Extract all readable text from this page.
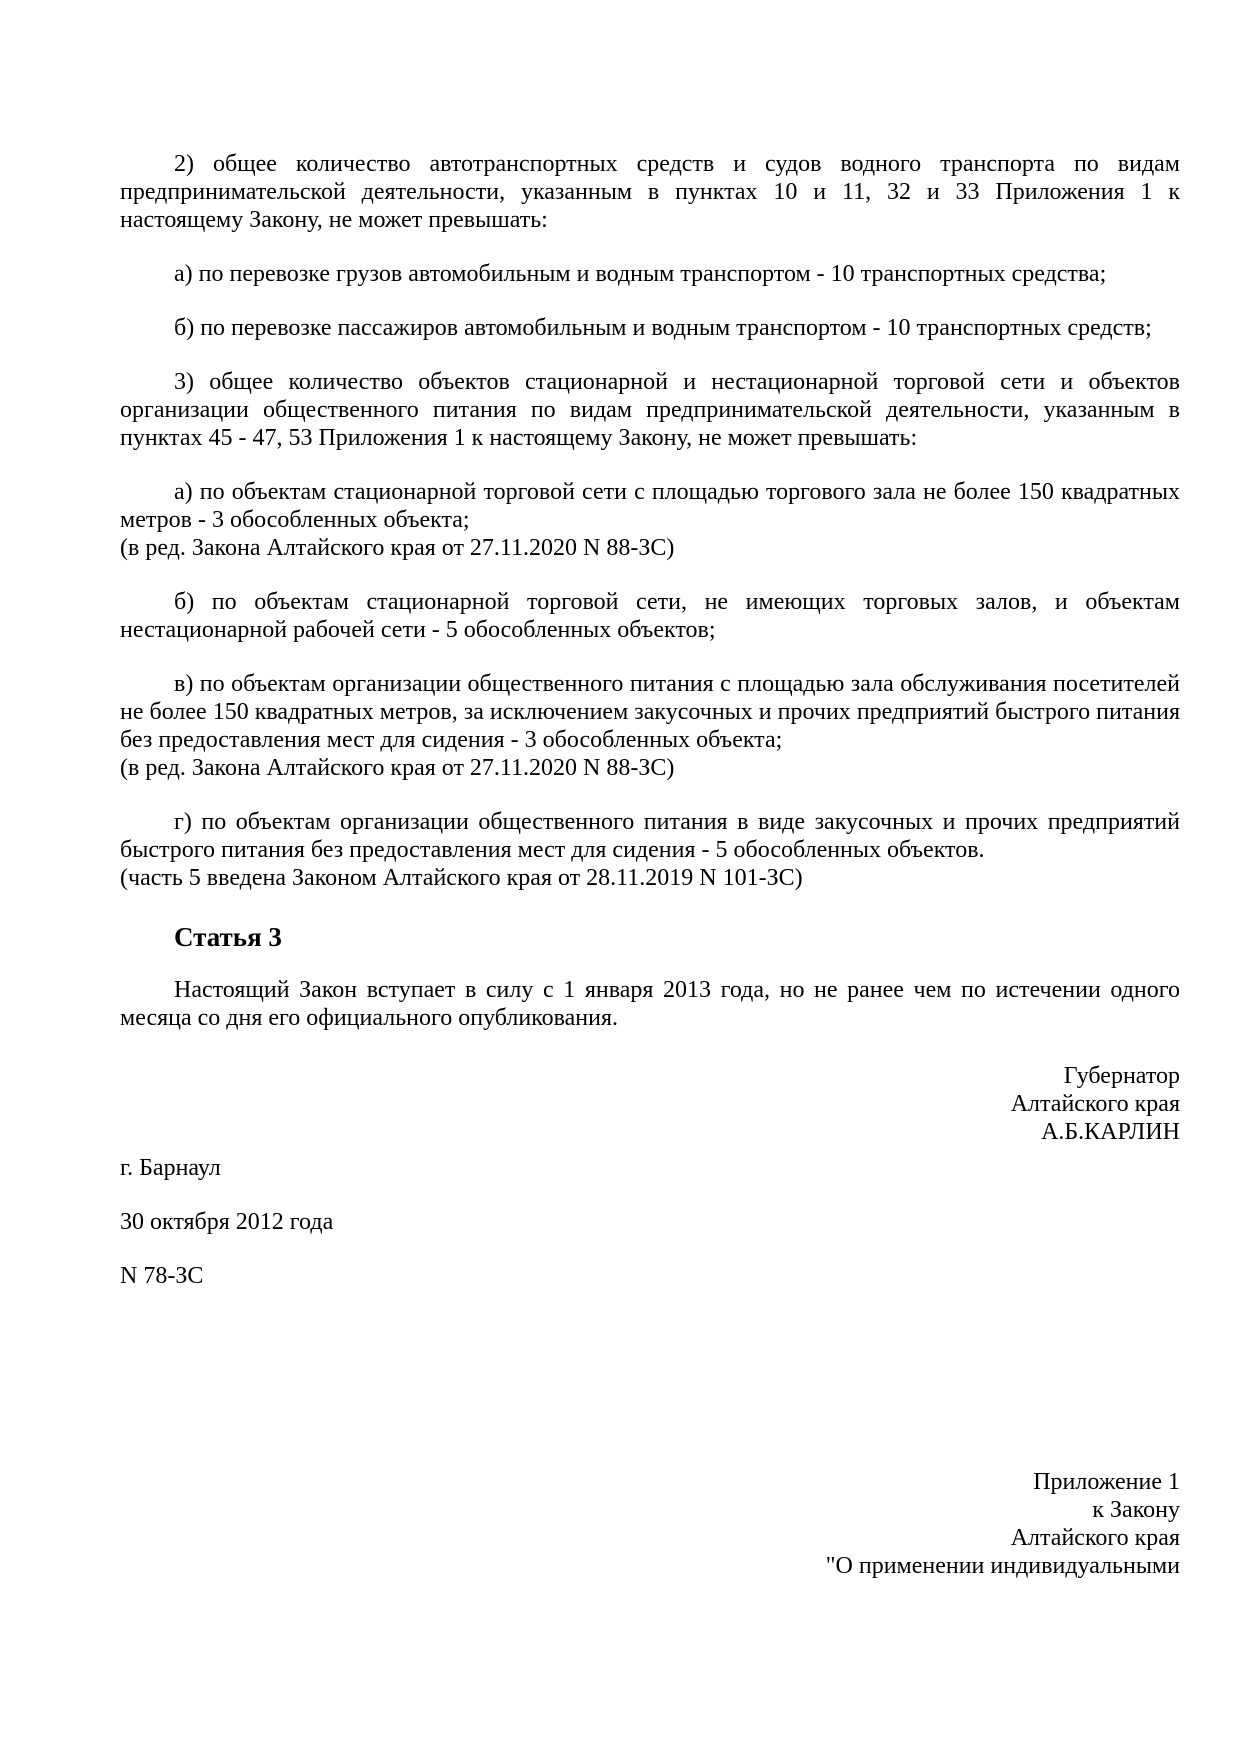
2) общее количество автотранспортных средств и судов водного транспорта по видам предпринимательской деятельности, указанным в пунктах 10 и 11, 32 и 33 Приложения 1 к настоящему Закону, не может превышать:

а) по перевозке грузов автомобильным и водным транспортом - 10 транспортных средства;

б) по перевозке пассажиров автомобильным и водным транспортом - 10 транспортных средств;

3) общее количество объектов стационарной и нестационарной торговой сети и объектов организации общественного питания по видам предпринимательской деятельности, указанным в пунктах 45 - 47, 53 Приложения 1 к настоящему Закону, не может превышать:

а) по объектам стационарной торговой сети с площадью торгового зала не более 150 квадратных метров - 3 обособленных объекта;

(в ред. Закона Алтайского края от 27.11.2020 N 88-ЗС)

б) по объектам стационарной торговой сети, не имеющих торговых залов, и объектам нестационарной рабочей сети - 5 обособленных объектов;

в) по объектам организации общественного питания с площадью зала обслуживания посетителей не более 150 квадратных метров, за исключением закусочных и прочих предприятий быстрого питания без предоставления мест для сидения - 3 обособленных объекта;

(в ред. Закона Алтайского края от 27.11.2020 N 88-ЗС)

г) по объектам организации общественного питания в виде закусочных и прочих предприятий быстрого питания без предоставления мест для сидения - 5 обособленных объектов.

(часть 5 введена Законом Алтайского края от 28.11.2019 N 101-ЗС)

Статья 3

Настоящий Закон вступает в силу с 1 января 2013 года, но не ранее чем по истечении одного месяца со дня его официального опубликования.

Губернатор

Алтайского края

А.Б.КАРЛИН

г. Барнаул

30 октября 2012 года

N 78-ЗС

Приложение 1

к Закону

Алтайского края

"О применении индивидуальными
